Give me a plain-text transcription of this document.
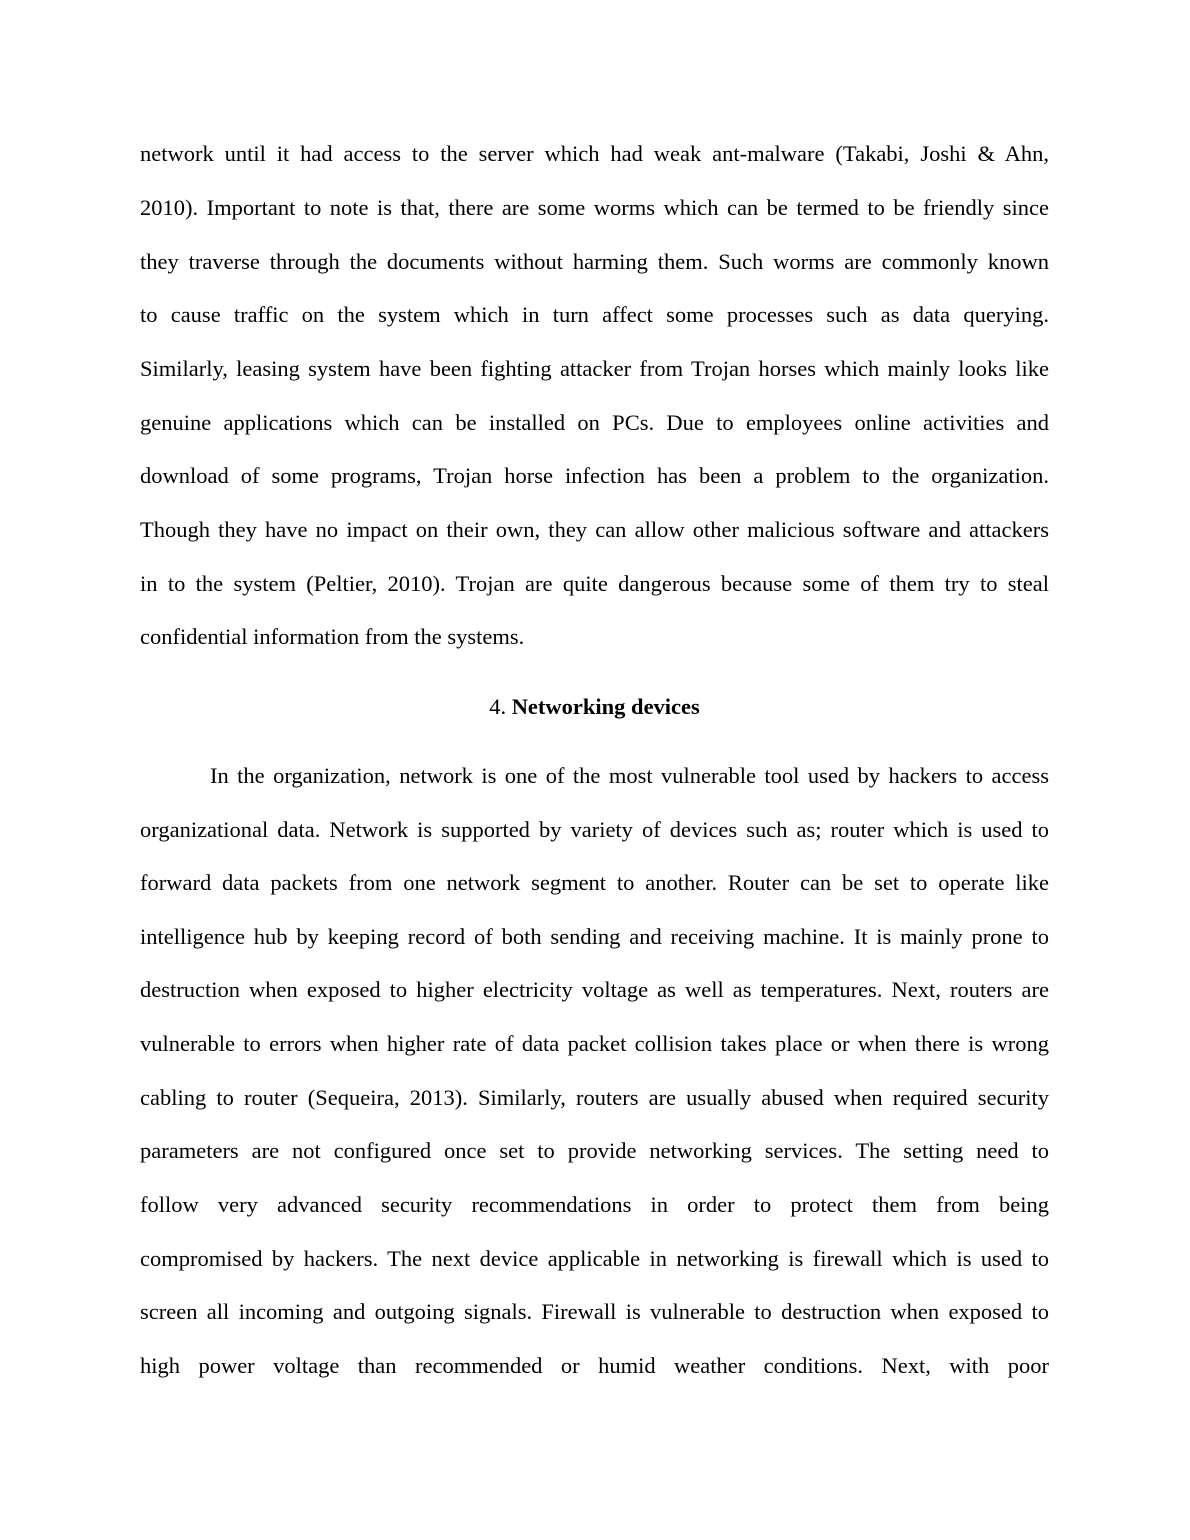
network until it had access to the server which had weak ant-malware (Takabi, Joshi & Ahn,
2010). Important to note is that, there are some worms which can be termed to be friendly since
they traverse through the documents without harming them. Such worms are commonly known
to cause traffic on the system which in turn affect some processes such as data querying.
Similarly, leasing system have been fighting attacker from Trojan horses which mainly looks like
genuine applications which can be installed on PCs. Due to employees online activities and
download of some programs, Trojan horse infection has been a problem to the organization.
Though they have no impact on their own, they can allow other malicious software and attackers
in to the system (Peltier, 2010). Trojan are quite dangerous because some of them try to steal
confidential information from the systems.
4. Networking devices
In the organization, network is one of the most vulnerable tool used by hackers to access
organizational data. Network is supported by variety of devices such as; router which is used to
forward data packets from one network segment to another. Router can be set to operate like
intelligence hub by keeping record of both sending and receiving machine. It is mainly prone to
destruction when exposed to higher electricity voltage as well as temperatures. Next, routers are
vulnerable to errors when higher rate of data packet collision takes place or when there is wrong
cabling to router (Sequeira, 2013). Similarly, routers are usually abused when required security
parameters are not configured once set to provide networking services. The setting need to
follow very advanced security recommendations in order to protect them from being
compromised by hackers. The next device applicable in networking is firewall which is used to
screen all incoming and outgoing signals. Firewall is vulnerable to destruction when exposed to
high power voltage than recommended or humid weather conditions. Next, with poor
